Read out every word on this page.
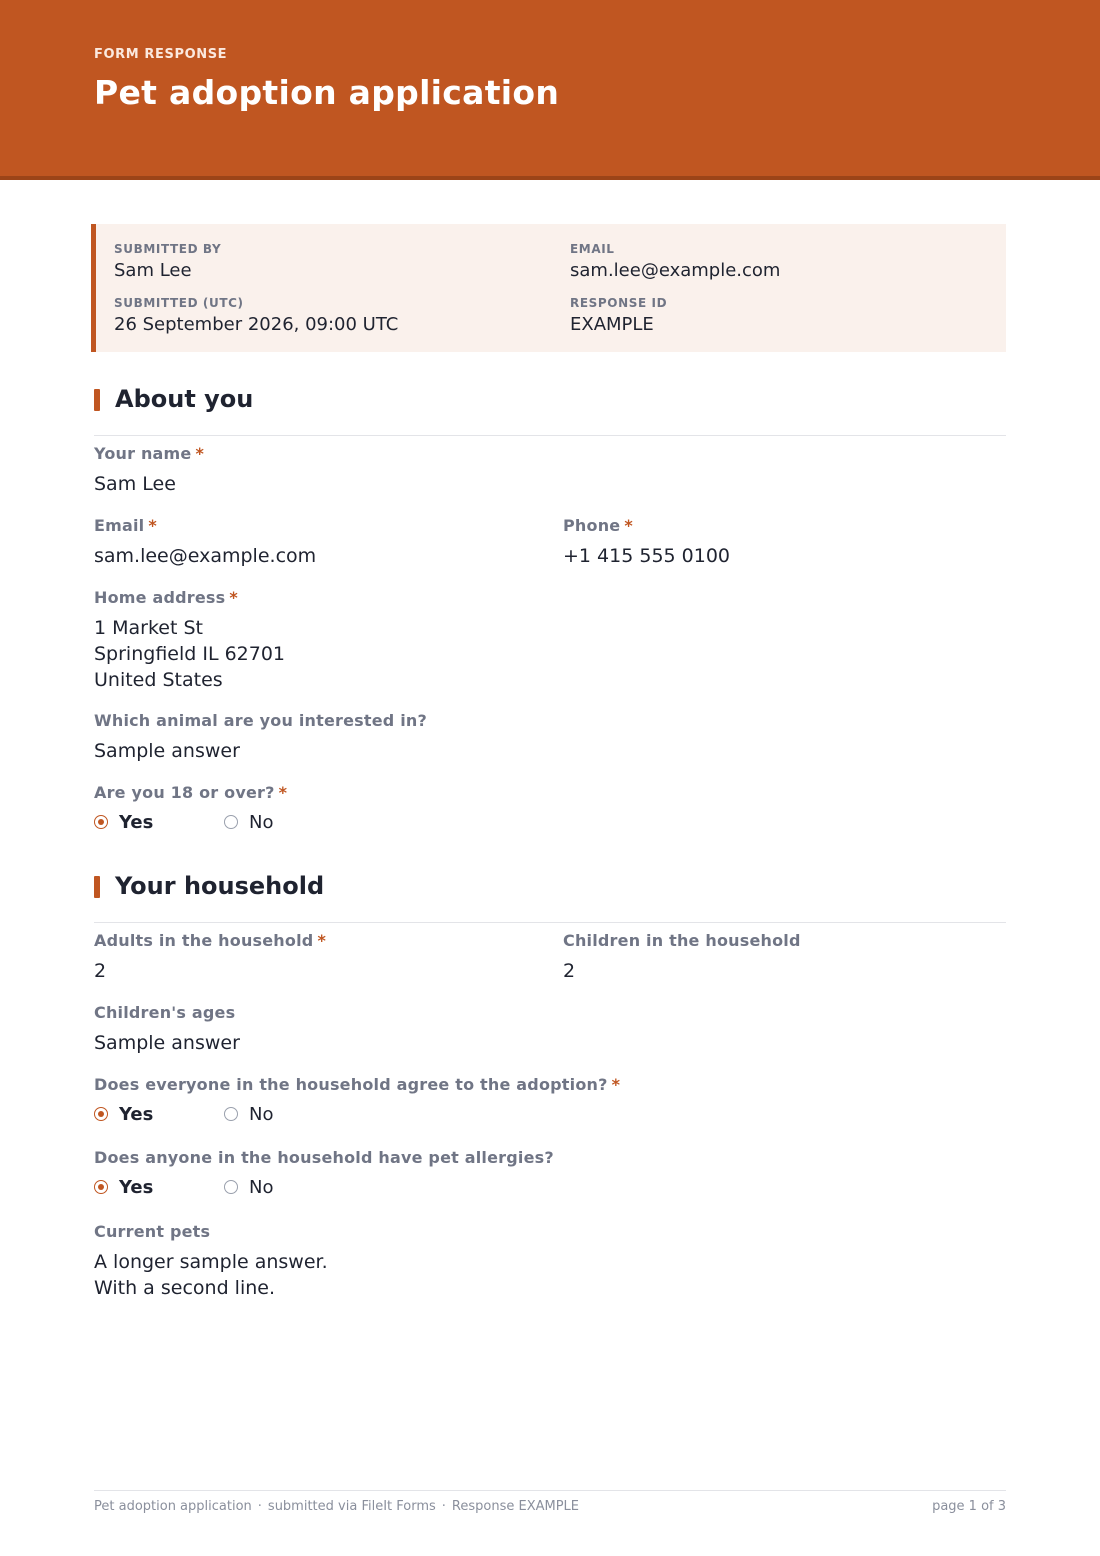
FORM RESPONSE
Pet adoption application
SUBMITTED BY
Sam Lee
EMAIL
sam.lee@example.com
SUBMITTED (UTC)
26 September 2026, 09:00 UTC
RESPONSE ID
EXAMPLE
About you
Your name *
Sam Lee
Email *
sam.lee@example.com
Phone *
+1 415 555 0100
Home address *
1 Market St
Springfield IL 62701
United States
Which animal are you interested in?
Sample answer
Are you 18 or over? *
Yes	No
Your household
Adults in the household *
2
Children in the household
2
Children's ages
Sample answer
Does everyone in the household agree to the adoption? *
Yes	No
Does anyone in the household have pet allergies?
Yes	No
Current pets
A longer sample answer.
With a second line.
Pet adoption application · submitted via FileIt Forms · Response EXAMPLE	page 1 of 3
